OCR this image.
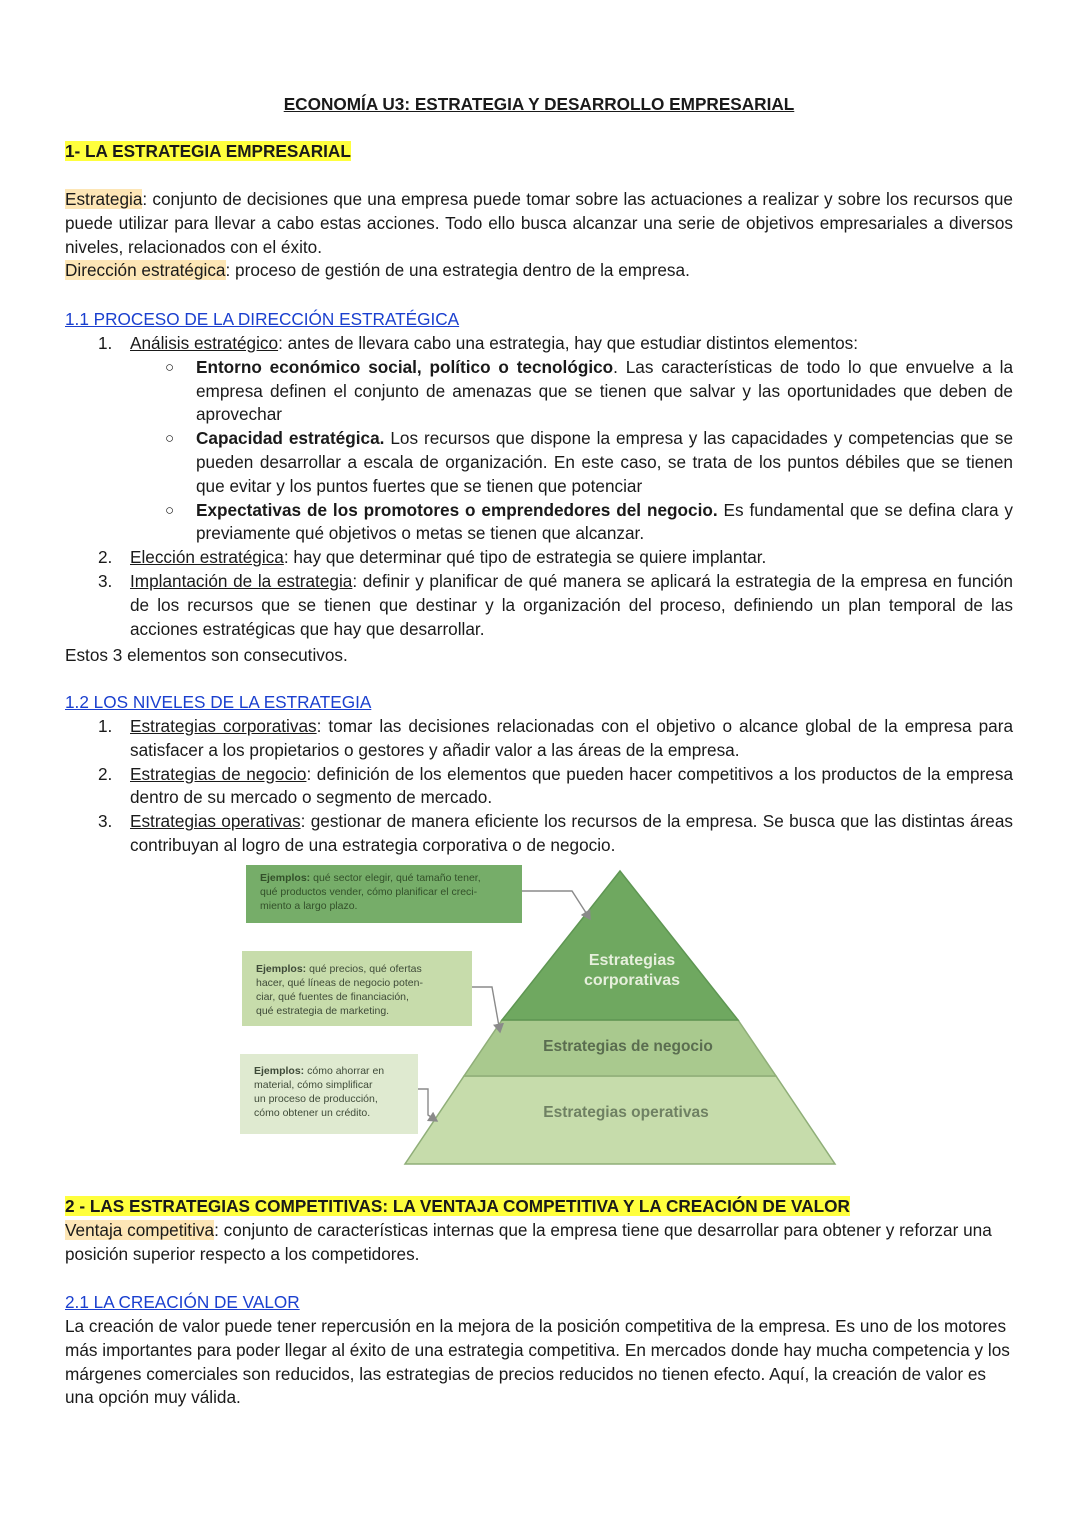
ECONOMÍA U3: ESTRATEGIA Y DESARROLLO EMPRESARIAL
1- LA ESTRATEGIA EMPRESARIAL

Estrategia: conjunto de decisiones que una empresa puede tomar sobre las actuaciones a realizar y sobre los recursos que puede utilizar para llevar a cabo estas acciones. Todo ello busca alcanzar una serie de objetivos empresariales a diversos niveles, relacionados con el éxito.

Dirección estratégica: proceso de gestión de una estrategia dentro de la empresa.

1.1 PROCESO DE LA DIRECCIÓN ESTRATÉGICA
1. Análisis estratégico: antes de llevara cabo una estrategia, hay que estudiar distintos elementos:

○ Entorno económico social, político o tecnológico. Las características de todo lo que envuelve a la empresa definen el conjunto de amenazas que se tienen que salvar y las oportunidades que deben de aprovechar

○ Capacidad estratégica. Los recursos que dispone la empresa y las capacidades y competencias que se pueden desarrollar a escala de organización. En este caso, se trata de los puntos débiles que se tienen que evitar y los puntos fuertes que se tienen que potenciar

○ Expectativas de los promotores o emprendedores del negocio. Es fundamental que se defina clara y previamente qué objetivos o metas se tienen que alcanzar.

2. Elección estratégica: hay que determinar qué tipo de estrategia se quiere implantar.

3. Implantación de la estrategia: definir y planificar de qué manera se aplicará la estrategia de la empresa en función de los recursos que se tienen que destinar y la organización del proceso, definiendo un plan temporal de las acciones estratégicas que hay que desarrollar.

Estos 3 elementos son consecutivos.

1.2 LOS NIVELES DE LA ESTRATEGIA
1. Estrategias corporativas: tomar las decisiones relacionadas con el objetivo o alcance global de la empresa para satisfacer a los propietarios o gestores y añadir valor a las áreas de la empresa.

2. Estrategias de negocio: definición de los elementos que pueden hacer competitivos a los productos de la empresa dentro de su mercado o segmento de mercado.

3. Estrategias operativas: gestionar de manera eficiente los recursos de la empresa. Se busca que las distintas áreas contribuyan al logro de una estrategia corporativa o de negocio.

2 - LAS ESTRATEGIAS COMPETITIVAS: LA VENTAJA COMPETITIVA Y LA CREACIÓN DE VALOR

Ventaja competitiva: conjunto de características internas que la empresa tiene que desarrollar para obtener y reforzar una posición superior respecto a los competidores.

2.1 LA CREACIÓN DE VALOR

La creación de valor puede tener repercusión en la mejora de la posición competitiva de la empresa. Es uno de los motores más importantes para poder llegar al éxito de una estrategia competitiva. En mercados donde hay mucha competencia y los márgenes comerciales son reducidos, las estrategias de precios reducidos no tienen efecto. Aquí, la creación de valor es una opción muy válida.

Estrategias
corporativas
Estrategias de negocio
Estrategias operativas
Ejemplos: qué sector elegir, qué tamaño tener,
qué productos vender, cómo planificar el creci-
miento a largo plazo.
Ejemplos: qué precios, qué ofertas
hacer, qué líneas de negocio poten-
ciar, qué fuentes de financiación,
qué estrategia de marketing.
Ejemplos: cómo ahorrar en
material, cómo simplificar
un proceso de producción,
cómo obtener un crédito.
